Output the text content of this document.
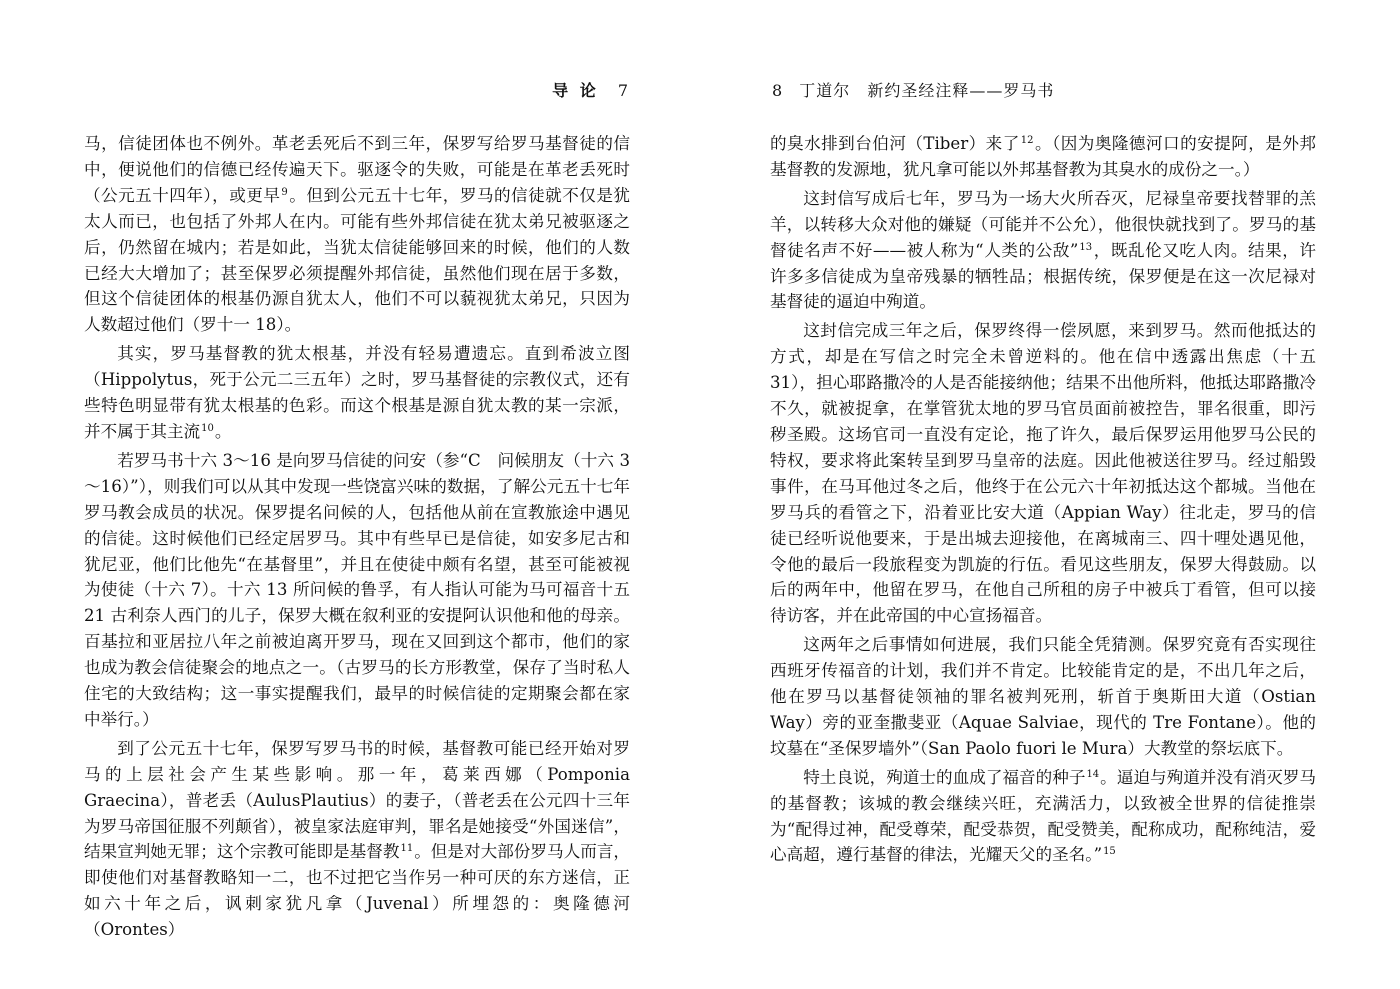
导 论 7

马，信徒团体也不例外。革老丢死后不到三年，保罗写给罗马基督徒的信中，便说他们的信德已经传遍天下。驱逐令的失败，可能是在革老丢死时（公元五十四年），或更早$^9$。但到公元五十七年，罗马的信徒就不仅是犹太人而已，也包括了外邦人在内。可能有些外邦信徒在犹太弟兄被驱逐之后，仍然留在城内；若是如此，当犹太信徒能够回来的时候，他们的人数已经大大增加了；甚至保罗必须提醒外邦信徒，虽然他们现在居于多数，但这个信徒团体的根基仍源自犹太人，他们不可以藐视犹太弟兄，只因为人数超过他们（罗十一 18）。

其实，罗马基督教的犹太根基，并没有轻易遭遗忘。直到希波立图（Hippolytus，死于公元二三五年）之时，罗马基督徒的宗教仪式，还有些特色明显带有犹太根基的色彩。而这个根基是源自犹太教的某一宗派，并不属于其主流$^{10}$。

若罗马书十六 3～16 是向罗马信徒的问安（参“C　问候朋友（十六 3～16）”），则我们可以从其中发现一些饶富兴味的数据，了解公元五十七年罗马教会成员的状况。保罗提名问候的人，包括他从前在宣教旅途中遇见的信徒。这时候他们已经定居罗马。其中有些早已是信徒，如安多尼古和犹尼亚，他们比他先“在基督里”，并且在使徒中颇有名望，甚至可能被视为使徒（十六 7）。十六 13 所问候的鲁孚，有人指认可能为马可福音十五 21 古利奈人西门的儿子，保罗大概在叙利亚的安提阿认识他和他的母亲。百基拉和亚居拉八年之前被迫离开罗马，现在又回到这个都市，他们的家也成为教会信徒聚会的地点之一。（古罗马的长方形教堂，保存了当时私人住宅的大致结构；这一事实提醒我们，最早的时候信徒的定期聚会都在家中举行。）

到了公元五十七年，保罗写罗马书的时候，基督教可能已经开始对罗马的上层社会产生某些影响。那一年，葛莱西娜（Pomponia Graecina），普老丢（AulusPlautius）的妻子，（普老丢在公元四十三年为罗马帝国征服不列颠省），被皇家法庭审判，罪名是她接受“外国迷信”，结果宣判她无罪；这个宗教可能即是基督教$^{11}$。但是对大部份罗马人而言，即使他们对基督教略知一二，也不过把它当作另一种可厌的东方迷信，正如六十年之后，讽刺家犹凡拿（Juvenal）所埋怨的：奥隆德河（Orontes）

8 丁道尔 新约圣经注释——罗马书

的臭水排到台伯河（Tiber）来了$^{12}$。（因为奥隆德河口的安提阿，是外邦基督教的发源地，犹凡拿可能以外邦基督教为其臭水的成份之一。）

这封信写成后七年，罗马为一场大火所吞灭，尼禄皇帝要找替罪的羔羊，以转移大众对他的嫌疑（可能并不公允），他很快就找到了。罗马的基督徒名声不好——被人称为“人类的公敌”$^{13}$，既乱伦又吃人肉。结果，许许多多信徒成为皇帝残暴的牺牲品；根据传统，保罗便是在这一次尼禄对基督徒的逼迫中殉道。

这封信完成三年之后，保罗终得一偿夙愿，来到罗马。然而他抵达的方式，却是在写信之时完全未曾逆料的。他在信中透露出焦虑（十五 31），担心耶路撒冷的人是否能接纳他；结果不出他所料，他抵达耶路撒冷不久，就被捉拿，在掌管犹太地的罗马官员面前被控告，罪名很重，即污秽圣殿。这场官司一直没有定论，拖了许久，最后保罗运用他罗马公民的特权，要求将此案转呈到罗马皇帝的法庭。因此他被送往罗马。经过船毁事件，在马耳他过冬之后，他终于在公元六十年初抵达这个都城。当他在罗马兵的看管之下，沿着亚比安大道（Appian Way）往北走，罗马的信徒已经听说他要来，于是出城去迎接他，在离城南三、四十哩处遇见他，令他的最后一段旅程变为凯旋的行伍。看见这些朋友，保罗大得鼓励。以后的两年中，他留在罗马，在他自己所租的房子中被兵丁看管，但可以接待访客，并在此帝国的中心宣扬福音。

这两年之后事情如何进展，我们只能全凭猜测。保罗究竟有否实现往西班牙传福音的计划，我们并不肯定。比较能肯定的是，不出几年之后，他在罗马以基督徒领袖的罪名被判死刑，斩首于奥斯田大道（Ostian Way）旁的亚奎撒斐亚（Aquae Salviae，现代的 Tre Fontane）。他的坟墓在“圣保罗墙外”（San Paolo fuori le Mura）大教堂的祭坛底下。

特土良说，殉道士的血成了福音的种子$^{14}$。逼迫与殉道并没有消灭罗马的基督教；该城的教会继续兴旺，充满活力，以致被全世界的信徒推崇为“配得过神，配受尊荣，配受恭贺，配受赞美，配称成功，配称纯洁，爱心高超，遵行基督的律法，光耀天父的圣名。”$^{15}$
